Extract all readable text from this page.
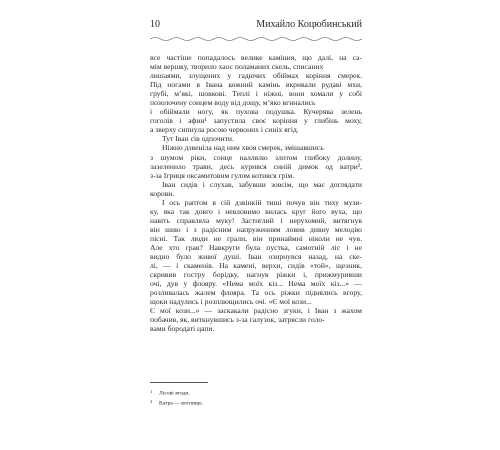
10	Михайло Коцюбинський
все частіше попадалось велике каміння, що далі, на са-
мім вершку, творило хаос поламаних скель, списаних
лишаями, злущених у гадючих обіймах коріння смерек.
Під ногами в Івана кожний камінь вкривали рудаві мхи,
грубі, м’які, шовкові. Теплі і ніжні, вони хомали у собі
позолочену сонцем воду від дощу, м’яко вгинались
і обіймали ногу, як пухова подушка. Кучерява зелень
гоголів і афин¹ запустила своє коріння у глибінь моху,
а зверху сипнула росою червоних і синіх ягід.
Тут Іван сів одпочити.
Ніжно дзвеніла над ним хвоя смерек, змішавшись
з шумом ріки, сонце наллялю злотом глибоку долину,
зазеленило трави, десь курився синій димок од ватри²,
з-за Ігриця оксамитовим гулом котився грім.
Іван сидів і слухав, забувши зовсім, що має доглядати
корови.
І ось раптом в сій дзвінкій тиші почув він тиху музи-
ку, яка так довго і невловимо вилась круг його вуха, що
навіть справляла муку! Застиглий і нерухомий, витягнув
він шию і з радісним напруженням ловив дивну мелодію
пісні. Так люди не грали, він принаймні ніколи не чув.
Але хто грав? Навкруги була пустка, самотній ліс і не
видно було живої душі. Іван озирнувся назад, на ске-
лі, — і скаменів. На камені, верхи, сидів «той», щезник,
скривив гостру борідку, нагнув ріжки і, прижмуривши
очі, дув у флояру. «Нема моїх кіз... Нема моїх кіз...» —
розливалась жалем флояра. Та ось ріжки піднялись вгору,
щоки надулись і розплющились очі. «Є мої кози...
Є мої кози...» — заскакали радісно згуки, і Іван з жахом
побачив, як, виткнувшись з-за галузок, затрясли голо-
вами бородаті цапи.
1 Лісові ягоди.
2 Ватра — вогнище.
